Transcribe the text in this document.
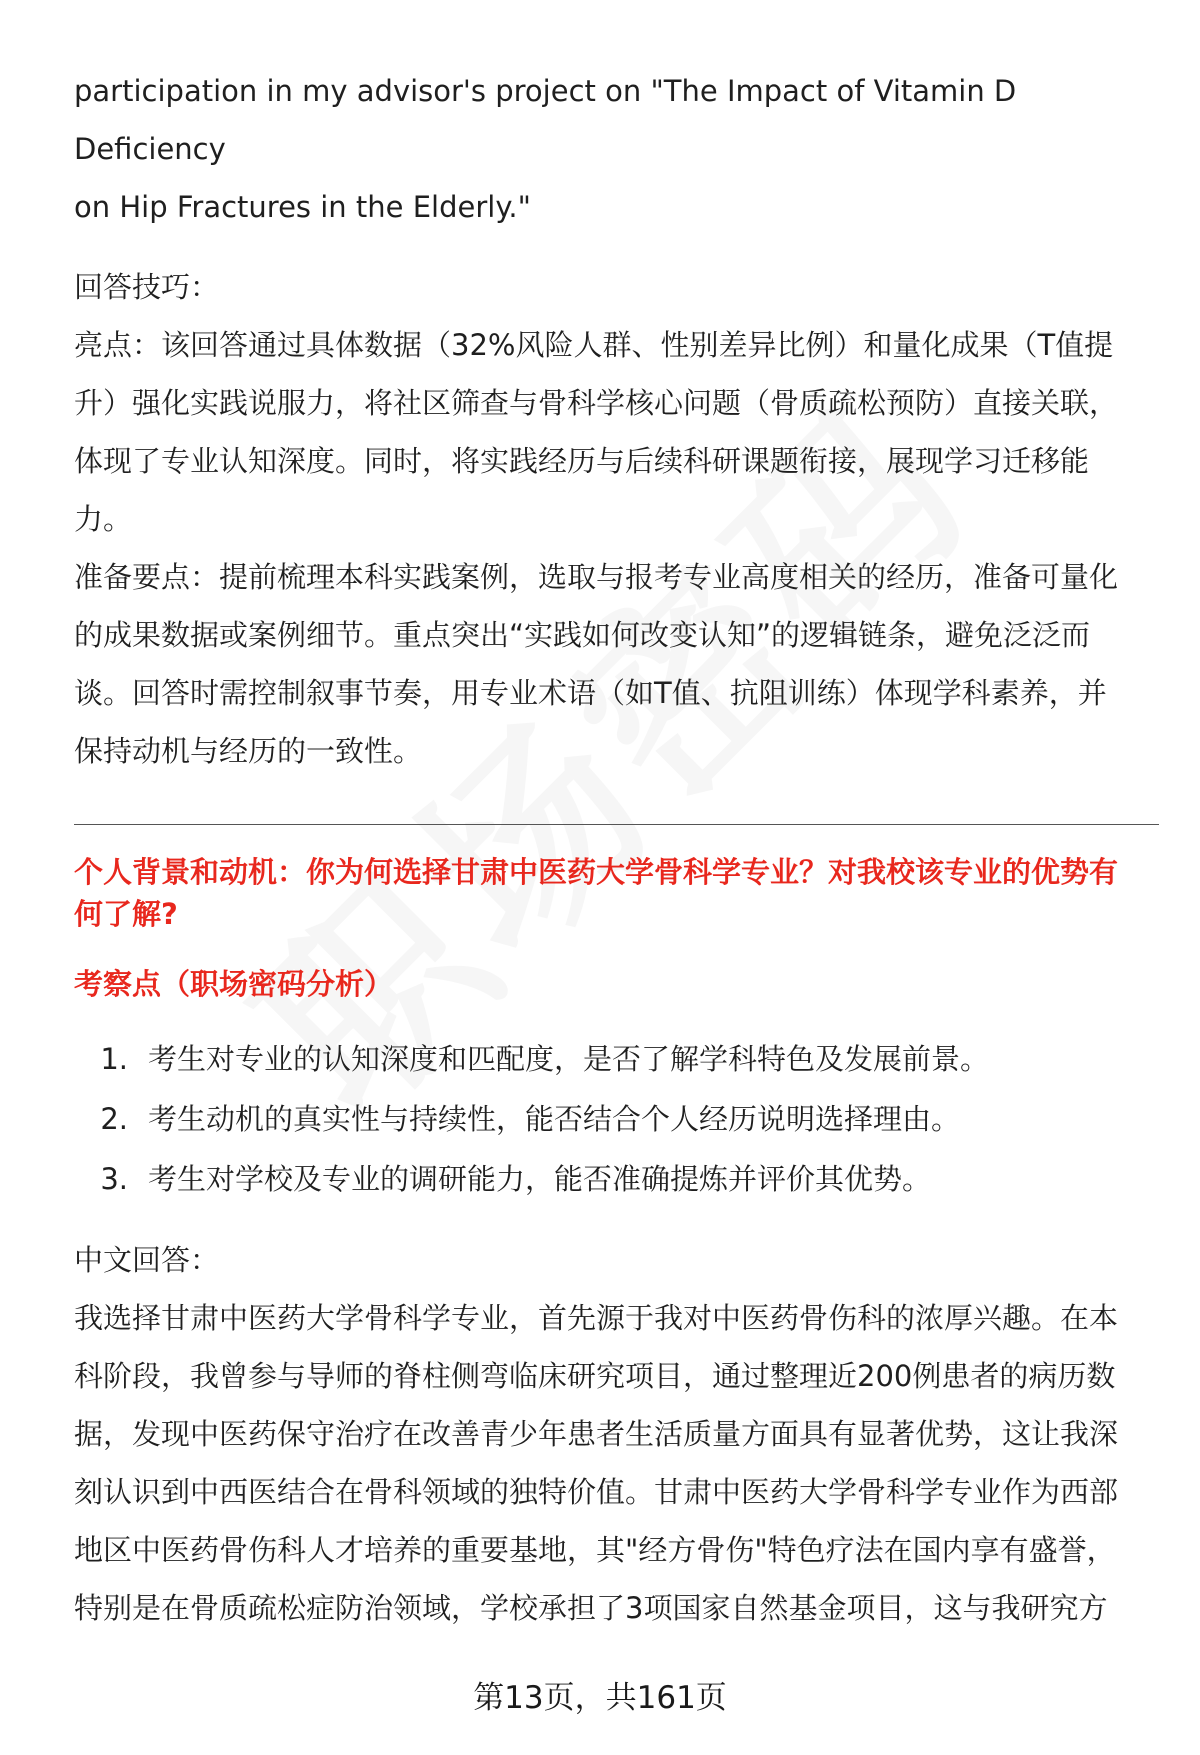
participation in my advisor's project on "The Impact of Vitamin D Deficiency

on Hip Fractures in the Elderly."

回答技巧：

亮点：该回答通过具体数据（32%风险人群、性别差异比例）和量化成果（T值提

升）强化实践说服力，将社区筛查与骨科学核心问题（骨质疏松预防）直接关联，

体现了专业认知深度。同时，将实践经历与后续科研课题衔接，展现学习迁移能

力。

准备要点：提前梳理本科实践案例，选取与报考专业高度相关的经历，准备可量化

的成果数据或案例细节。重点突出“实践如何改变认知”的逻辑链条，避免泛泛而

谈。回答时需控制叙事节奏，用专业术语（如T值、抗阻训练）体现学科素养，并

保持动机与经历的一致性。

个人背景和动机：你为何选择甘肃中医药大学骨科学专业？对我校该专业的优势有

何了解?

考察点（职场密码分析）

1. 考生对专业的认知深度和匹配度，是否了解学科特色及发展前景。
2. 考生动机的真实性与持续性，能否结合个人经历说明选择理由。
3. 考生对学校及专业的调研能力，能否准确提炼并评价其优势。

中文回答：

我选择甘肃中医药大学骨科学专业，首先源于我对中医药骨伤科的浓厚兴趣。在本

科阶段，我曾参与导师的脊柱侧弯临床研究项目，通过整理近200例患者的病历数

据，发现中医药保守治疗在改善青少年患者生活质量方面具有显著优势，这让我深

刻认识到中西医结合在骨科领域的独特价值。甘肃中医药大学骨科学专业作为西部

地区中医药骨伤科人才培养的重要基地，其"经方骨伤"特色疗法在国内享有盛誉，

特别是在骨质疏松症防治领域，学校承担了3项国家自然基金项目，这与我研究方

第13页，共161页
